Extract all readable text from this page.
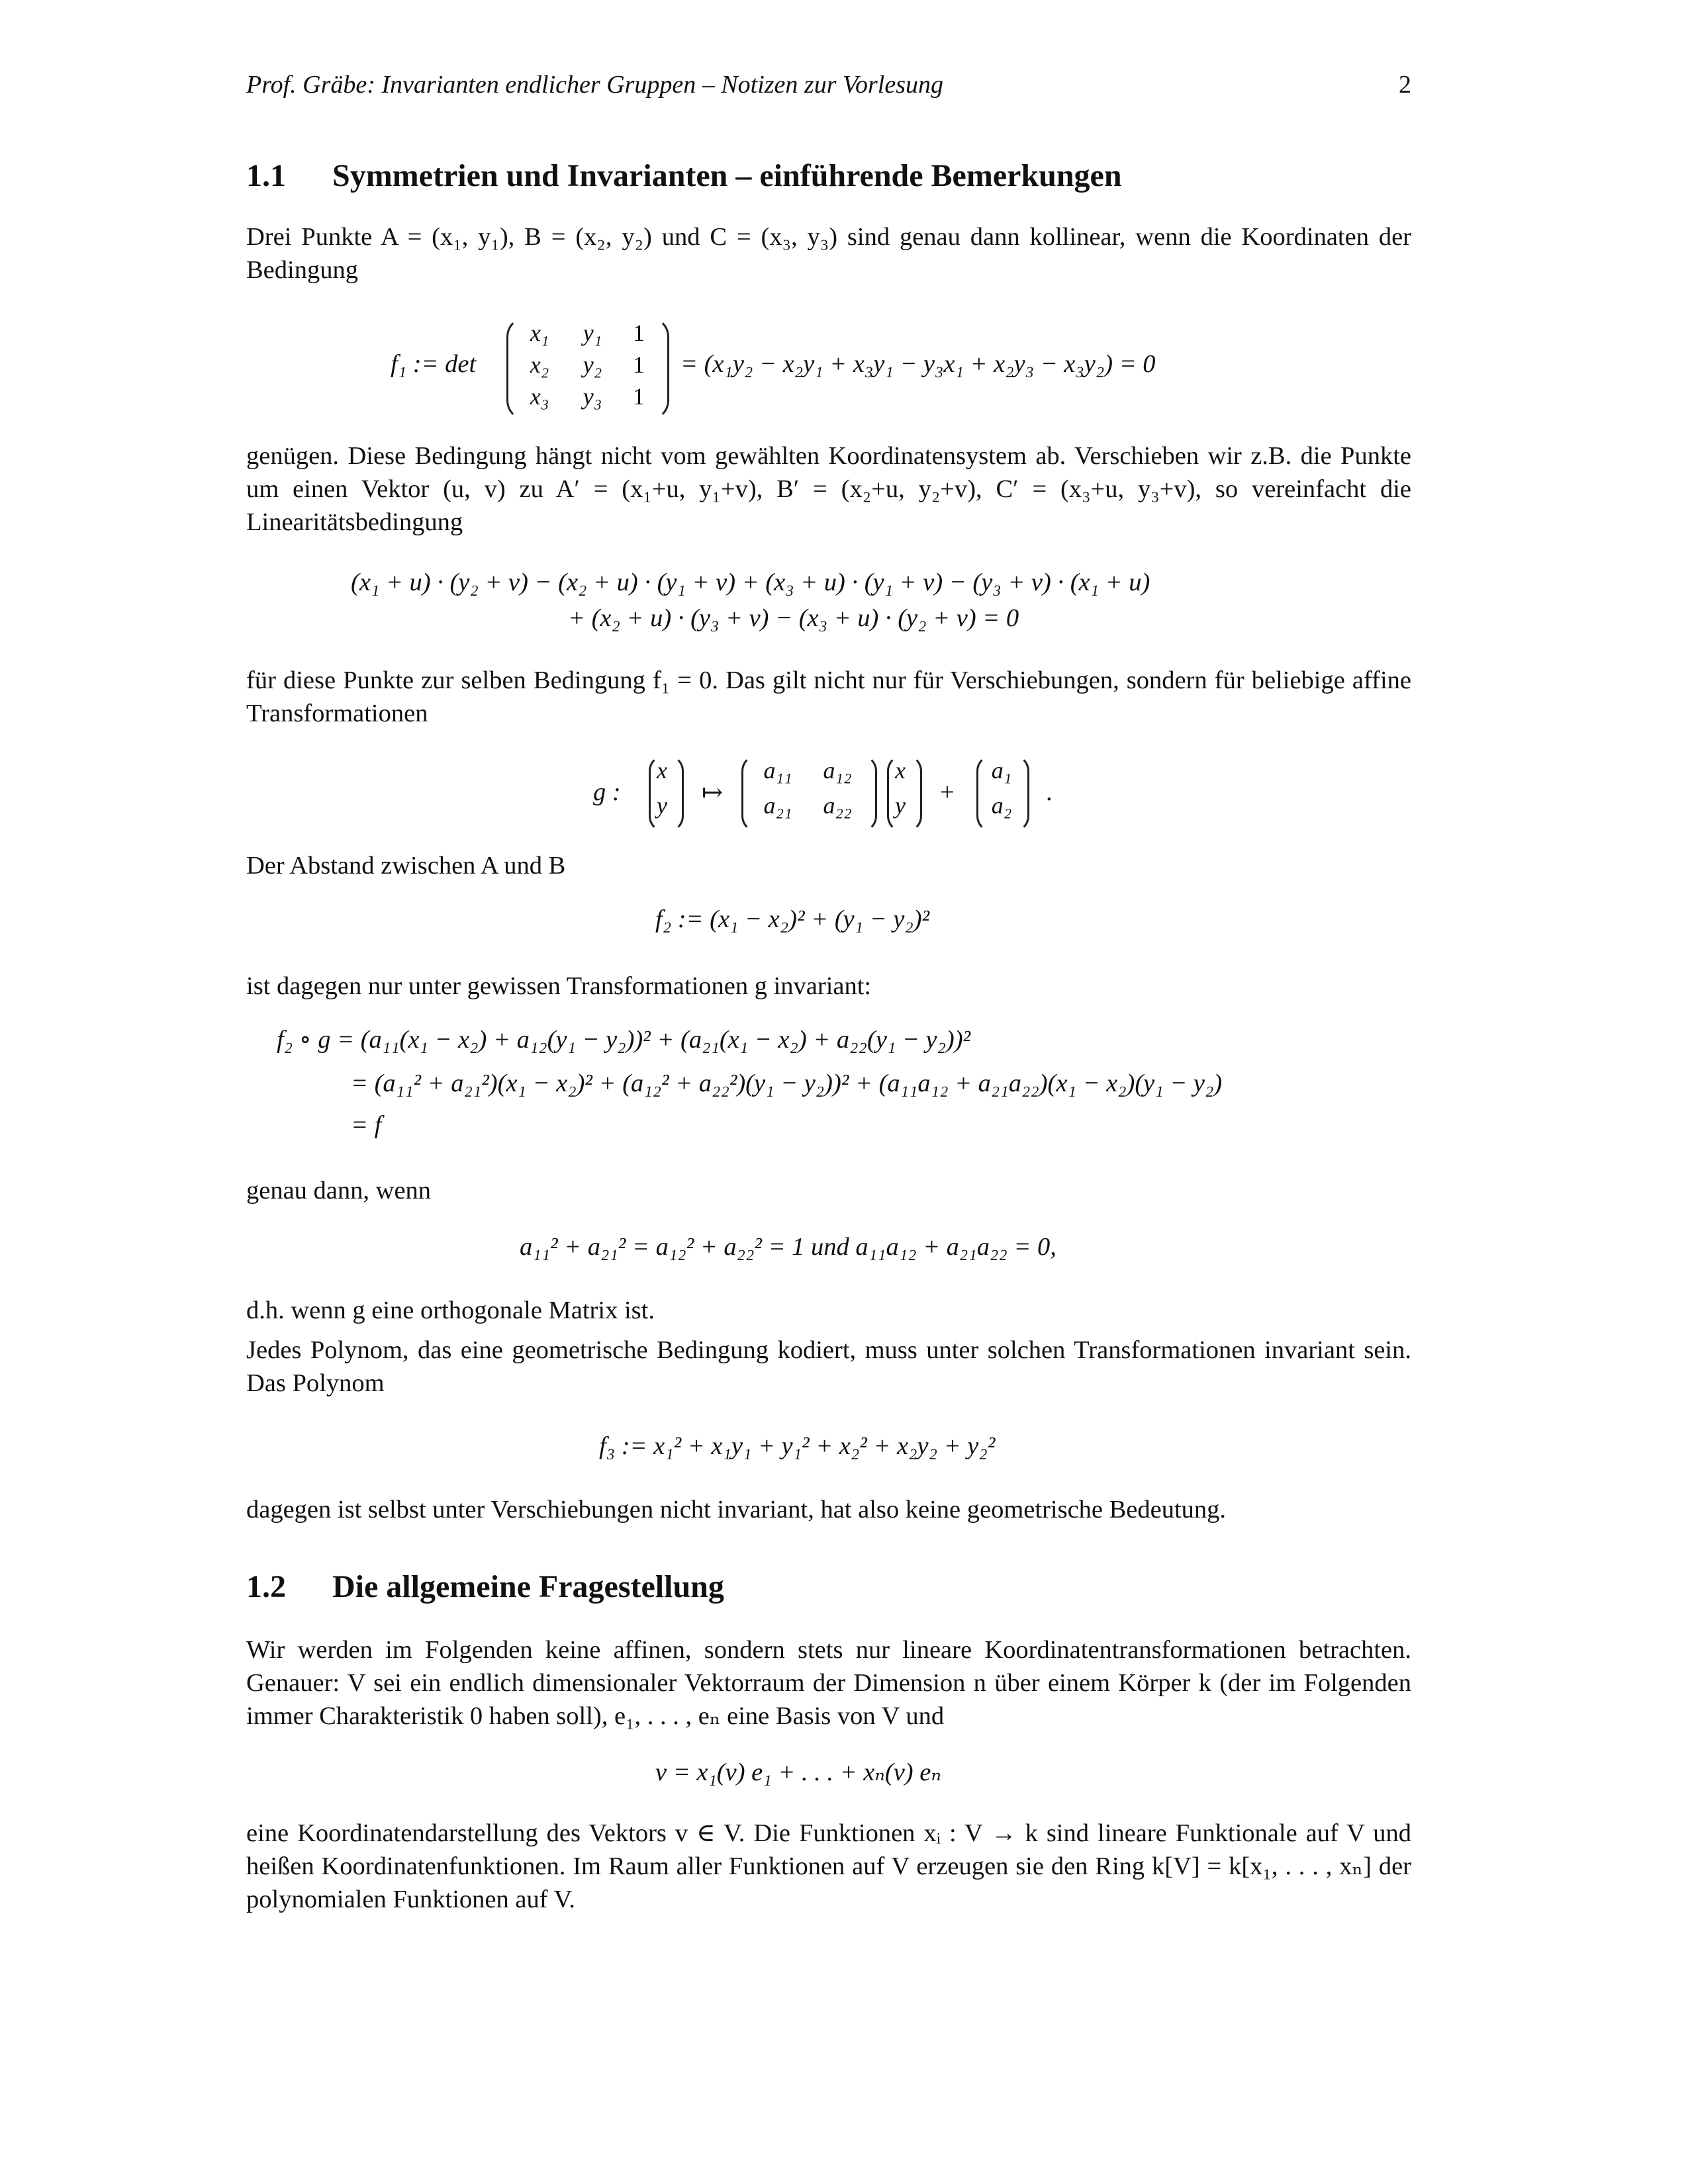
Prof. Gräbe: Invarianten endlicher Gruppen – Notizen zur Vorlesung	2
1.1 Symmetrien und Invarianten – einführende Bemerkungen
Drei Punkte A = (x₁, y₁), B = (x₂, y₂) und C = (x₃, y₃) sind genau dann kollinear, wenn die Koordinaten der Bedingung
f₁ := det
x₁	y₁	1
x₂	y₂	1
x₃	y₃	1
= (x₁y₂ − x₂y₁ + x₃y₁ − y₃x₁ + x₂y₃ − x₃y₂) = 0
genügen. Diese Bedingung hängt nicht vom gewählten Koordinatensystem ab. Verschieben wir z.B. die Punkte um einen Vektor (u, v) zu A′ = (x₁+u, y₁+v), B′ = (x₂+u, y₂+v), C′ = (x₃+u, y₃+v), so vereinfacht die Linearitätsbedingung
(x₁ + u) · (y₂ + v) − (x₂ + u) · (y₁ + v) + (x₃ + u) · (y₁ + v) − (y₃ + v) · (x₁ + u)
+ (x₂ + u) · (y₃ + v) − (x₃ + u) · (y₂ + v) = 0
für diese Punkte zur selben Bedingung f₁ = 0. Das gilt nicht nur für Verschiebungen, sondern für beliebige affine Transformationen
g :
x
y	↦
a₁₁	a₁₂
a₂₁	a₂₂
x
y	+
a₁
a₂	.
Der Abstand zwischen A und B
f₂ := (x₁ − x₂)² + (y₁ − y₂)²
ist dagegen nur unter gewissen Transformationen g invariant:
f₂ ∘ g = (a₁₁(x₁ − x₂) + a₁₂(y₁ − y₂))² + (a₂₁(x₁ − x₂) + a₂₂(y₁ − y₂))²
= (a₁₁² + a₂₁²)(x₁ − x₂)² + (a₁₂² + a₂₂²)(y₁ − y₂))² + (a₁₁a₁₂ + a₂₁a₂₂)(x₁ − x₂)(y₁ − y₂)
= f
genau dann, wenn
a₁₁² + a₂₁² = a₁₂² + a₂₂² = 1 und a₁₁a₁₂ + a₂₁a₂₂ = 0,
d.h. wenn g eine orthogonale Matrix ist.
Jedes Polynom, das eine geometrische Bedingung kodiert, muss unter solchen Transformationen invariant sein. Das Polynom
f₃ := x₁² + x₁y₁ + y₁² + x₂² + x₂y₂ + y₂²
dagegen ist selbst unter Verschiebungen nicht invariant, hat also keine geometrische Bedeutung.
1.2 Die allgemeine Fragestellung
Wir werden im Folgenden keine affinen, sondern stets nur lineare Koordinatentransformationen betrachten. Genauer: V sei ein endlich dimensionaler Vektorraum der Dimension n über einem Körper k (der im Folgenden immer Charakteristik 0 haben soll), e₁, . . . , eₙ eine Basis von V und
v = x₁(v) e₁ + . . . + xₙ(v) eₙ
eine Koordinatendarstellung des Vektors v ∈ V. Die Funktionen xᵢ : V → k sind lineare Funktionale auf V und heißen Koordinatenfunktionen. Im Raum aller Funktionen auf V erzeugen sie den Ring k[V] = k[x₁, . . . , xₙ] der polynomialen Funktionen auf V.
